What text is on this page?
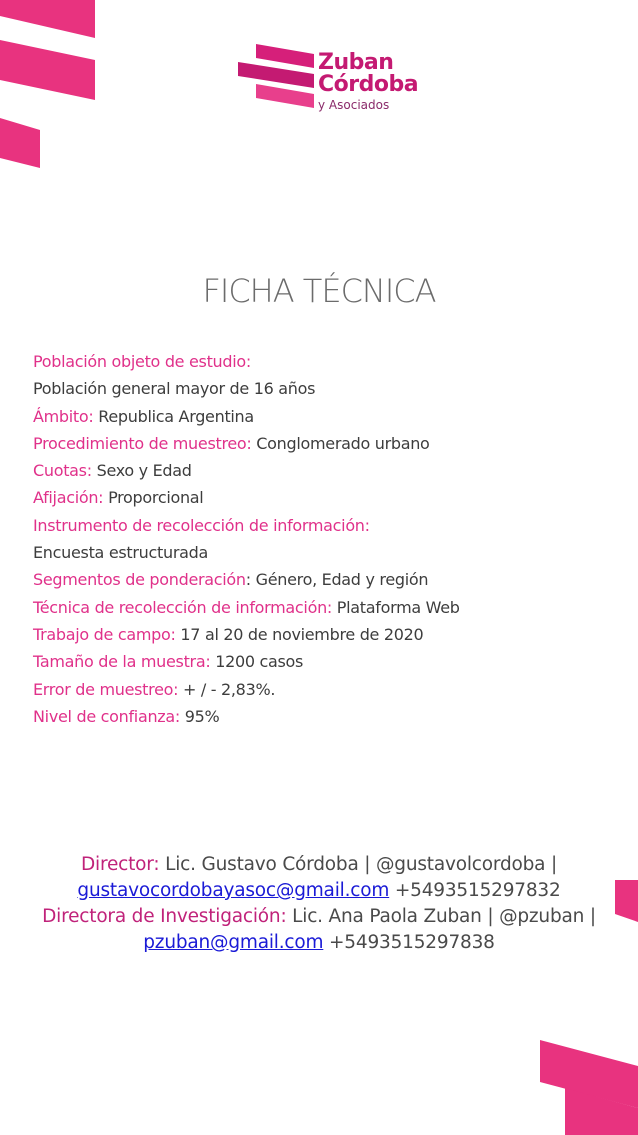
Zuban
Córdoba
y Asociados
FICHA TÉCNICA
Población objeto de estudio:
Población general mayor de 16 años
Ámbito: Republica Argentina
Procedimiento de muestreo: Conglomerado urbano
Cuotas: Sexo y Edad
Afijación: Proporcional
Instrumento de recolección de información:
Encuesta estructurada
Segmentos de ponderación: Género, Edad y región
Técnica de recolección de información: Plataforma Web
Trabajo de campo: 17 al 20 de noviembre de 2020
Tamaño de la muestra: 1200 casos
Error de muestreo: + / - 2,83%.
Nivel de confianza: 95%
Director: Lic. Gustavo Córdoba | @gustavolcordoba |
gustavocordobayasoc@gmail.com +5493515297832
Directora de Investigación: Lic. Ana Paola Zuban | @pzuban |
pzuban@gmail.com +5493515297838
